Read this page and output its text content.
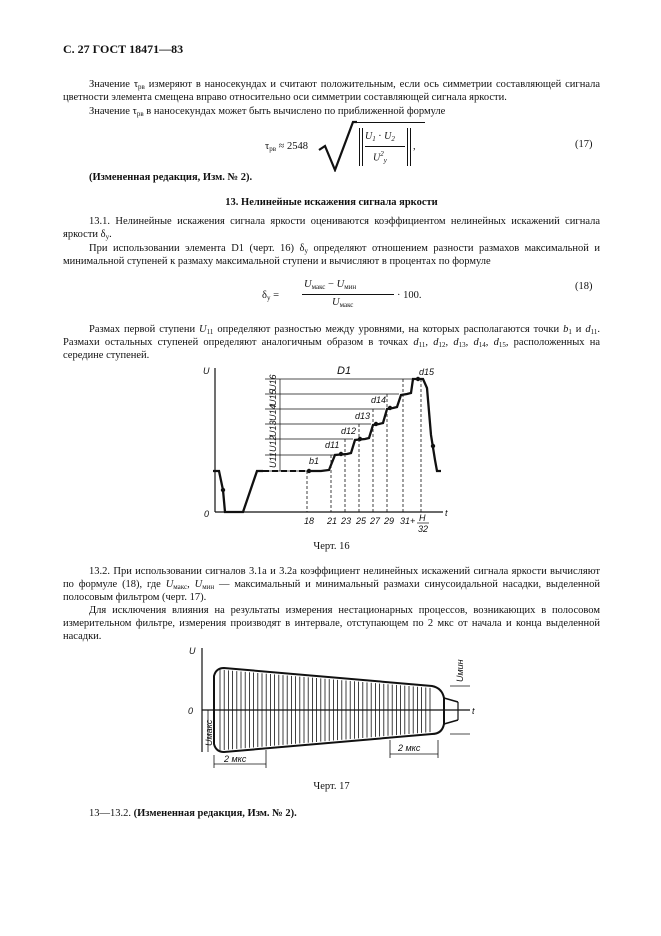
С. 27 ГОСТ 18471—83
Значение $\tau_{рв}$ измеряют в наносекундах и считают положительным, если ось симметрии составляющей сигнала цветности элемента смещена вправо относительно оси симметрии составляющей сигнала яркости.
Значение $\tau_{рв}$ в наносекундах может быть вычислено по приближенной формуле
$\tau_{рв} \approx 2548$
$U_1 \cdot U_2$
$U^2_y$
,	(17)
(Измененная редакция, Изм. № 2).
13. Нелинейные искажения сигнала яркости
13.1. Нелинейные искажения сигнала яркости оцениваются коэффициентом нелинейных искажений сигнала яркости $\delta_y$.
При использовании элемента D1 (черт. 16) $\delta_y$ определяют отношением разности размахов максимальной и минимальной ступеней к размаху максимальной ступени и вычисляют в процентах по формуле
$\delta_y$ =
$U_{макс} - U_{мин}$
$U_{макс}$
· 100.
(18)
Размах первой ступени $U_{11}$ определяют разностью между уровнями, на которых располагаются точки $b_1$ и $d_{11}$. Размахи остальных ступеней определяют аналогичным образом в точках $d_{11}$, $d_{12}$, $d_{13}$, $d_{14}$, $d_{15}$, расположенных на середине ступеней.
U
t
0
U11
U12
U13
U14
U15
U16
b1
d11
d12
d13
d14
d15
D1
18 21 23 25 27 29 31+ H
32
Черт. 16
13.2. При использовании сигналов 3.1а и 3.2а коэффициент нелинейных искажений сигнала яркости вычисляют по формуле (18), где $U_{макс}$, $U_{мин}$ — максимальный и минимальный размахи синусоидальной насадки, выделенной полосовым фильтром (черт. 17).
Для исключения влияния на результаты измерения нестационарных процессов, возникающих в полосовом измерительном фильтре, измерения производят в интервале, отступающем по 2 мкс от начала и конца выделенной насадки.
U
t
0
Uмакс
Uмин
2 мкс
2 мкс
Черт. 17
13—13.2. (Измененная редакция, Изм. № 2).
